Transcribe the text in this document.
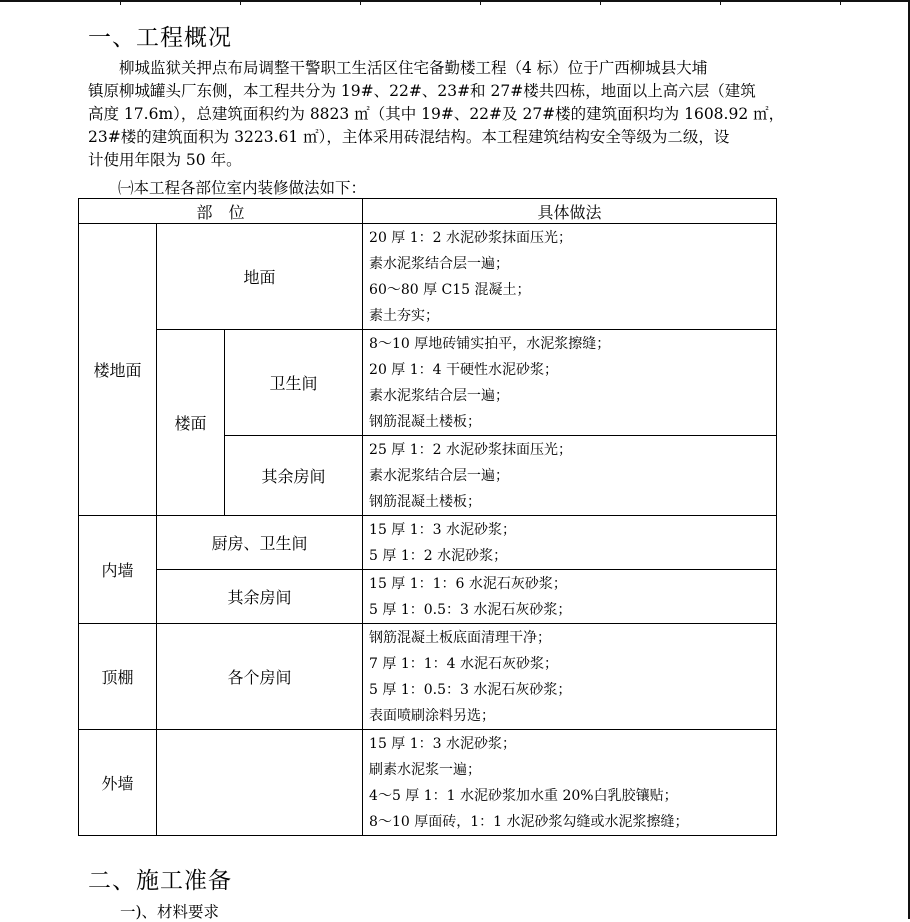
一、工程概况
柳城监狱关押点布局调整干警职工生活区住宅备勤楼工程（4 标）位于广西柳城县大埔
镇原柳城罐头厂东侧，本工程共分为 19#、22#、23#和 27#楼共四栋，地面以上高六层（建筑
高度 17.6m），总建筑面积约为 8823 ㎡（其中 19#、22#及 27#楼的建筑面积均为 1608.92 ㎡，
23#楼的建筑面积为 3223.61 ㎡），主体采用砖混结构。本工程建筑结构安全等级为二级，设
计使用年限为 50 年。
㈠本工程各部位室内装修做法如下：
部　位			具体做法
楼地面	地面		20 厚 1：2 水泥砂浆抹面压光；
素水泥浆结合层一遍；
60～80 厚 C15 混凝土；
素土夯实；

	楼面	卫生间	8～10 厚地砖铺实拍平，水泥浆擦缝；
20 厚 1：4 干硬性水泥砂浆；
素水泥浆结合层一遍；
钢筋混凝土楼板；

		其余房间	25 厚 1：2 水泥砂浆抹面压光；
素水泥浆结合层一遍；
钢筋混凝土楼板；

内墙	厨房、卫生间		15 厚 1：3 水泥砂浆；
5 厚 1：2 水泥砂浆；

	其余房间		15 厚 1：1：6 水泥石灰砂浆；
5 厚 1：0.5：3 水泥石灰砂浆；

顶棚	各个房间		钢筋混凝土板底面清理干净；
7 厚 1：1：4 水泥石灰砂浆；
5 厚 1：0.5：3 水泥石灰砂浆；
表面喷刷涂料另选；

外墙			15 厚 1：3 水泥砂浆；
刷素水泥浆一遍；
4～5 厚 1：1 水泥砂浆加水重 20%白乳胶镶贴；
8～10 厚面砖，1：1 水泥砂浆勾缝或水泥浆擦缝；
二、施工准备
一)、材料要求
